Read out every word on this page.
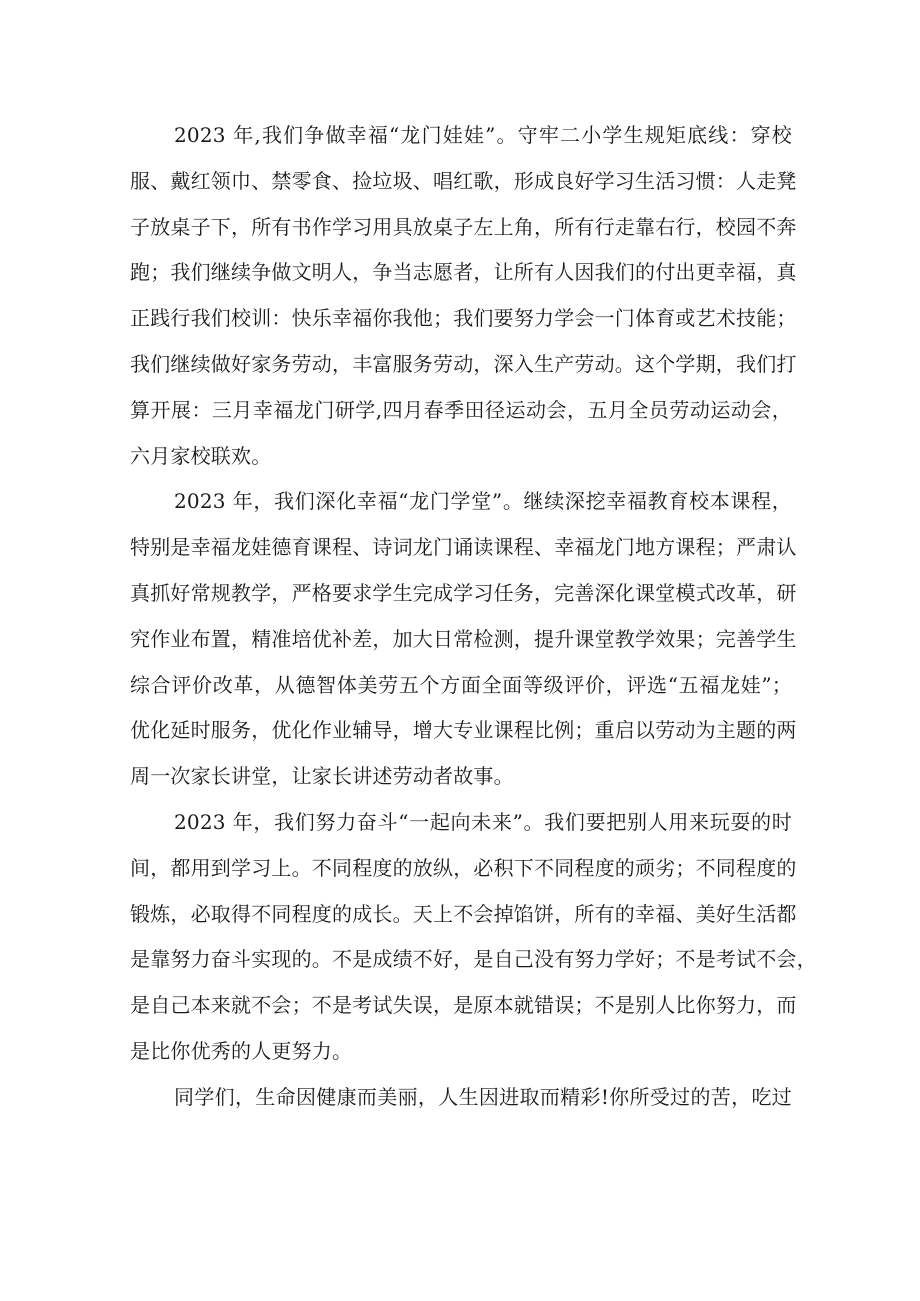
2023 年,我们争做幸福“龙门娃娃”。守牢二小学生规矩底线：穿校
服、戴红领巾、禁零食、捡垃圾、唱红歌，形成良好学习生活习惯：人走凳
子放桌子下，所有书作学习用具放桌子左上角，所有行走靠右行，校园不奔
跑；我们继续争做文明人，争当志愿者，让所有人因我们的付出更幸福，真
正践行我们校训：快乐幸福你我他；我们要努力学会一门体育或艺术技能；
我们继续做好家务劳动，丰富服务劳动，深入生产劳动。这个学期，我们打
算开展：三月幸福龙门研学,四月春季田径运动会，五月全员劳动运动会，
六月家校联欢。
2023 年，我们深化幸福“龙门学堂”。继续深挖幸福教育校本课程，
特别是幸福龙娃德育课程、诗词龙门诵读课程、幸福龙门地方课程；严肃认
真抓好常规教学，严格要求学生完成学习任务，完善深化课堂模式改革，研
究作业布置，精准培优补差，加大日常检测，提升课堂教学效果；完善学生
综合评价改革，从德智体美劳五个方面全面等级评价，评选“五福龙娃”；
优化延时服务，优化作业辅导，增大专业课程比例；重启以劳动为主题的两
周一次家长讲堂，让家长讲述劳动者故事。
2023 年，我们努力奋斗“一起向未来”。我们要把别人用来玩耍的时
间，都用到学习上。不同程度的放纵，必积下不同程度的顽劣；不同程度的
锻炼，必取得不同程度的成长。天上不会掉馅饼，所有的幸福、美好生活都
是靠努力奋斗实现的。不是成绩不好，是自己没有努力学好；不是考试不会，
是自己本来就不会；不是考试失误，是原本就错误；不是别人比你努力，而
是比你优秀的人更努力。
同学们，生命因健康而美丽，人生因进取而精彩!你所受过的苦，吃过
